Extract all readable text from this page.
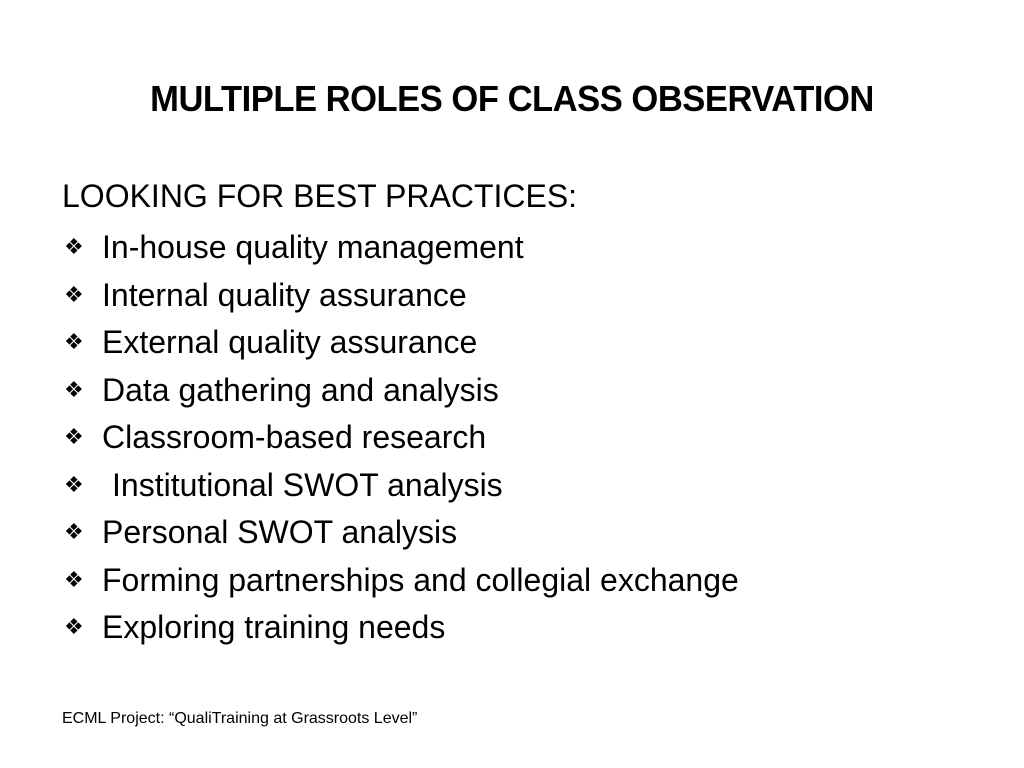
MULTIPLE ROLES OF CLASS OBSERVATION
LOOKING FOR BEST PRACTICES:
❖ In-house quality management
❖ Internal quality assurance
❖ External quality assurance
❖ Data gathering and analysis
❖ Classroom-based research
❖ Institutional SWOT analysis
❖ Personal SWOT analysis
❖ Forming partnerships and collegial exchange
❖ Exploring training needs
ECML Project: “QualiTraining at Grassroots Level”
